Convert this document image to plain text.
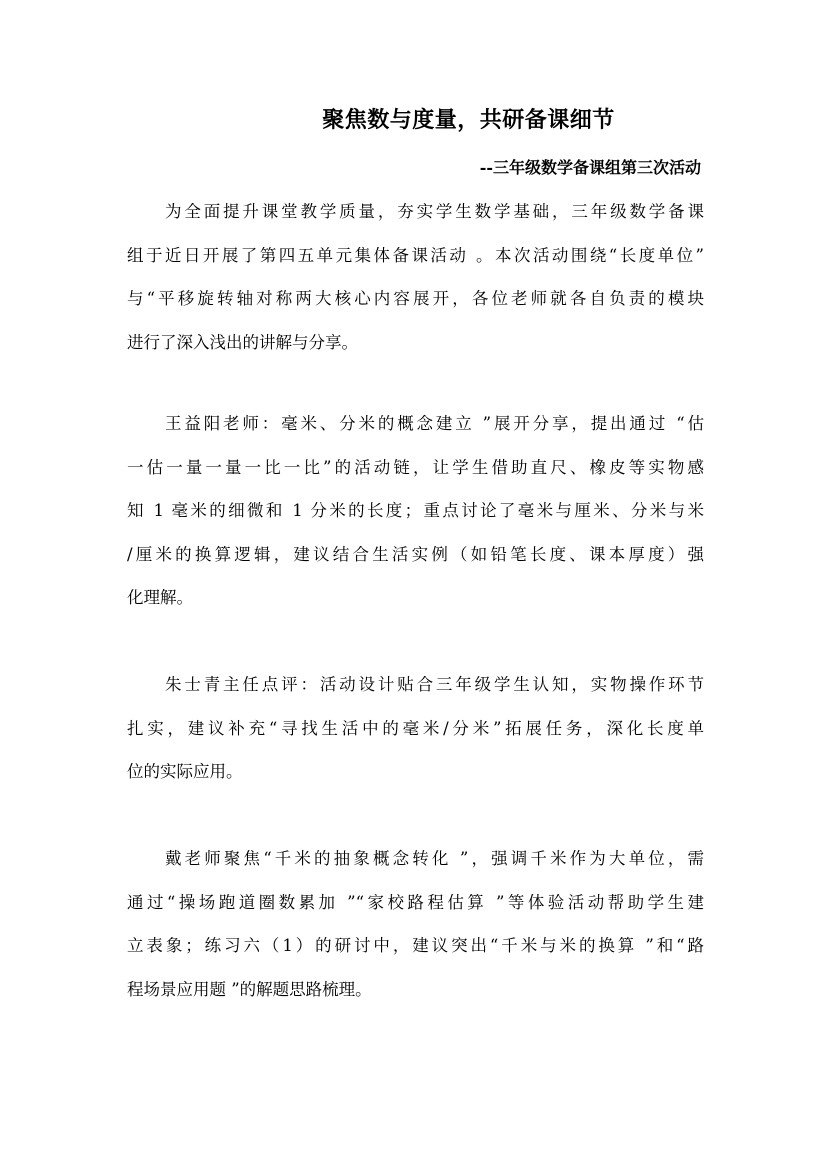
聚焦数与度量，共研备课细节
--三年级数学备课组第三次活动
为全面提升课堂教学质量，夯实学生数学基础，三年级数学备课
组于近日开展了第四五单元集体备课活动 。本次活动围绕“长度单位”
与“平移旋转轴对称两大核心内容展开，各位老师就各自负责的模块
进行了深入浅出的讲解与分享。
王益阳老师：毫米、分米的概念建立 ”展开分享，提出通过 “估
一估一量一量一比一比”的活动链，让学生借助直尺、橡皮等实物感
知 1 毫米的细微和 1 分米的长度；重点讨论了毫米与厘米、分米与米
/厘米的换算逻辑，建议结合生活实例（如铅笔长度、课本厚度）强
化理解。
朱士青主任点评：活动设计贴合三年级学生认知，实物操作环节
扎实，建议补充“寻找生活中的毫米/分米”拓展任务，深化长度单
位的实际应用。
戴老师聚焦“千米的抽象概念转化 ”，强调千米作为大单位，需
通过“操场跑道圈数累加 ”“家校路程估算 ”等体验活动帮助学生建
立表象；练习六（1）的研讨中，建议突出“千米与米的换算 ”和“路
程场景应用题 ”的解题思路梳理。
